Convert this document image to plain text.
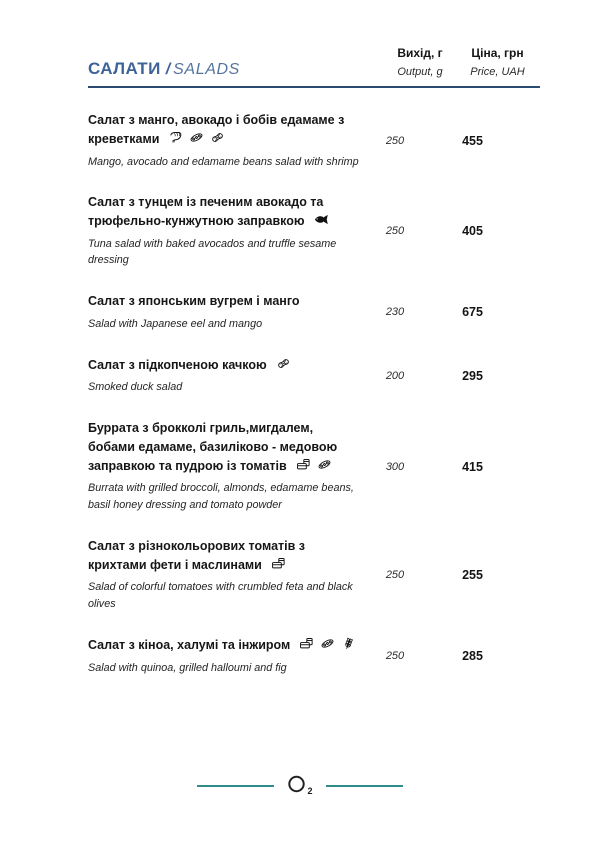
САЛАТИ / SALADS
Вихід, г
Output, g
Ціна, грн
Price, UAH
Салат з манго, авокадо і бобів едамаме з креветками
Mango, avocado and edamame beans salad with shrimp
250	455
Салат з тунцем із печеним авокадо та трюфельно-кунжутною заправкою
Tuna salad with baked avocados and truffle sesame dressing
250	405
Салат з японським вугрем і манго
Salad with Japanese eel and mango
230	675
Салат з підкопченою качкою
Smoked duck salad
200	295
Буррата з брокколі гриль,мигдалем, бобами едамаме, базиліково - медовою заправкою та пудрою із томатів
Burrata with grilled broccoli, almonds, edamame beans, basil honey dressing and tomato powder
300	415
Салат з різнокольорових томатів з крихтами фети і маслинами
Salad of colorful tomatoes with crumbled feta and black olives
250	255
Салат з кіноа, халумі та інжиром
Salad with quinoa, grilled halloumi and fig
250	285
2
